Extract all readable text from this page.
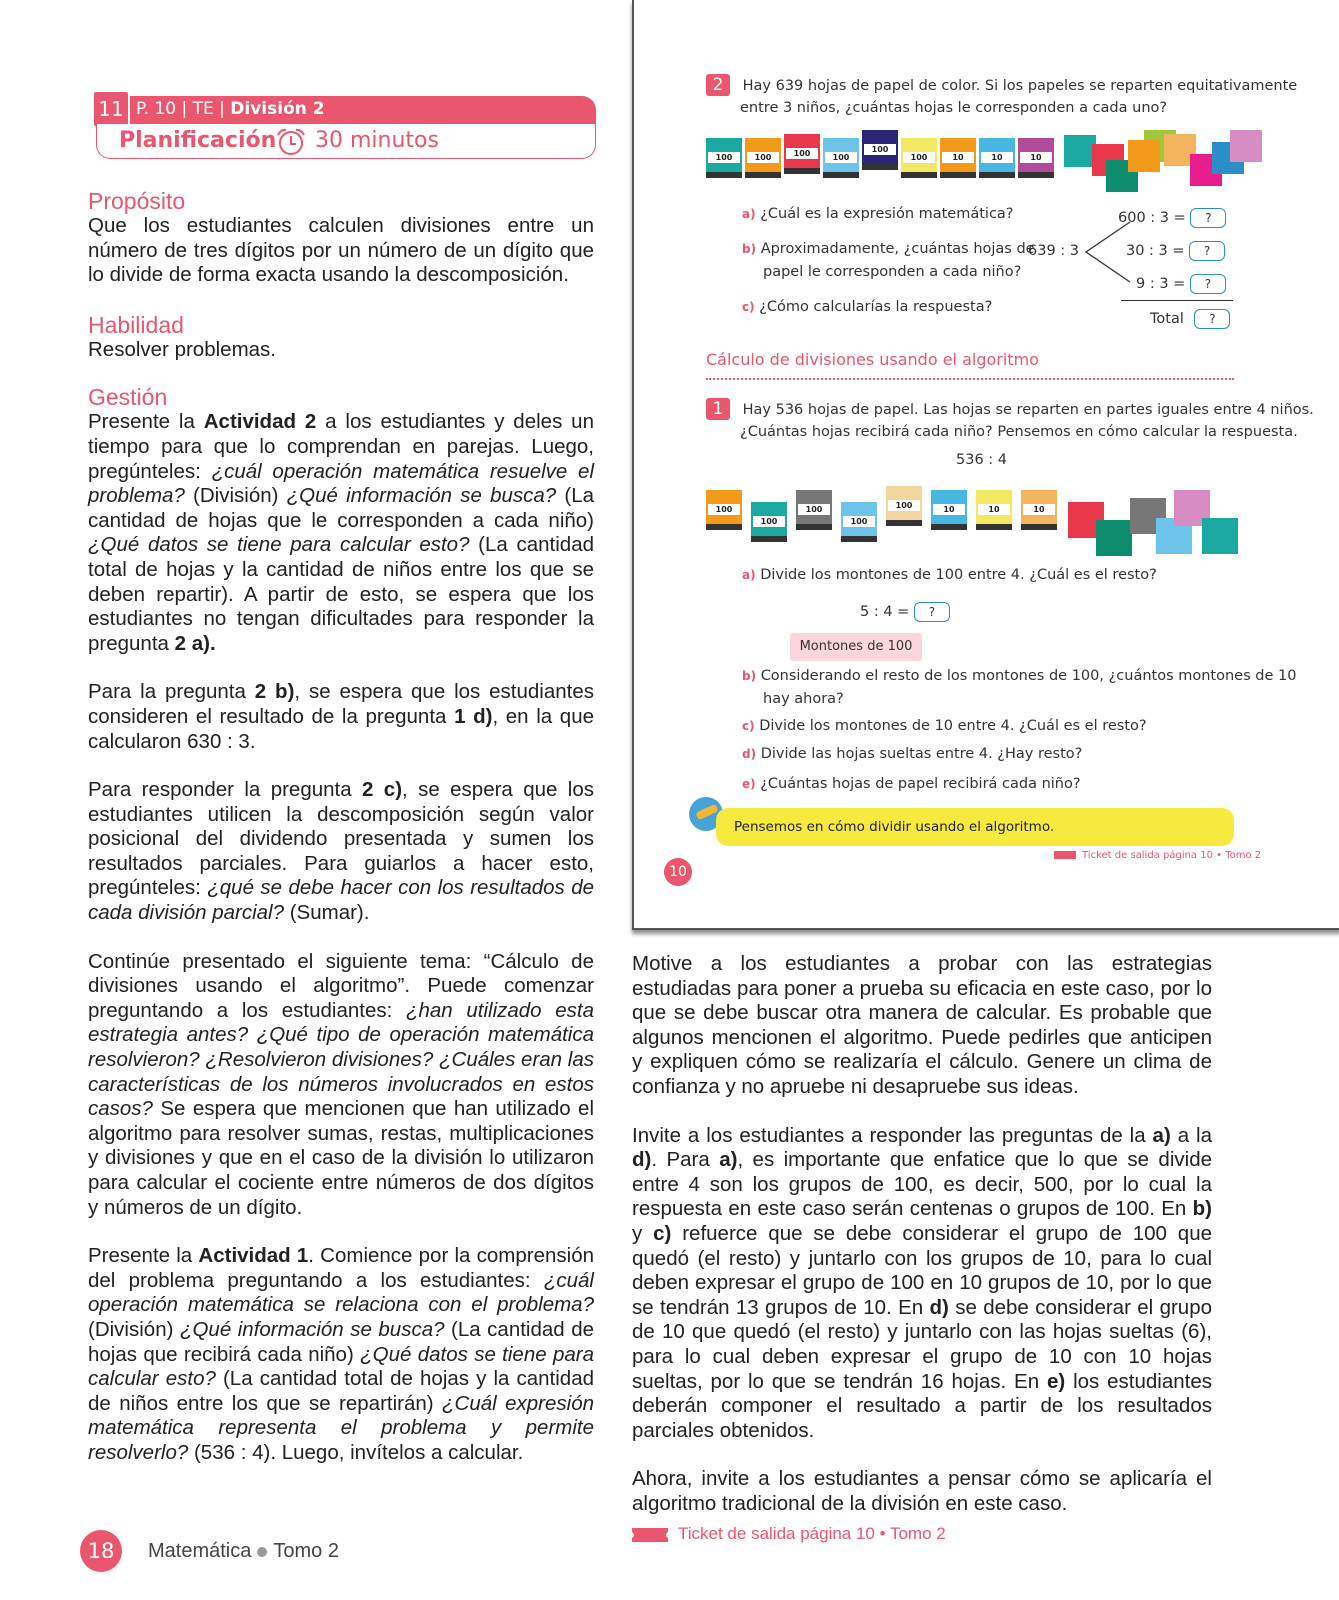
11 P. 10 | TE | División 2
Planificación 30 minutos
Propósito
Que los estudiantes calculen divisiones entre un número de tres dígitos por un número de un dígito que lo divide de forma exacta usando la descomposición.
Habilidad
Resolver problemas.
Gestión

Presente la Actividad 2 a los estudiantes y deles un tiempo para que lo comprendan en parejas. Luego, pregúnteles: ¿cuál operación matemática resuelve el problema? (División) ¿Qué información se busca? (La cantidad de hojas que le corresponden a cada niño) ¿Qué datos se tiene para calcular esto? (La cantidad total de hojas y la cantidad de niños entre los que se deben repartir). A partir de esto, se espera que los estudiantes no tengan dificultades para responder la pregunta 2 a).

Para la pregunta 2 b), se espera que los estudiantes consideren el resultado de la pregunta 1 d), en la que calcularon 630 : 3.

Para responder la pregunta 2 c), se espera que los estudiantes utilicen la descomposición según valor posicional del dividendo presentada y sumen los resultados parciales. Para guiarlos a hacer esto, pregúnteles: ¿qué se debe hacer con los resultados de cada división parcial? (Sumar).

Continúe presentado el siguiente tema: “Cálculo de divisiones usando el algoritmo”. Puede comenzar preguntando a los estudiantes: ¿han utilizado esta estrategia antes? ¿Qué tipo de operación matemática resolvieron? ¿Resolvieron divisiones? ¿Cuáles eran las características de los números involucrados en estos casos? Se espera que mencionen que han utilizado el algoritmo para resolver sumas, restas, multiplicaciones y divisiones y que en el caso de la división lo utilizaron para calcular el cociente entre números de dos dígitos y números de un dígito.

Presente la Actividad 1. Comience por la comprensión del problema preguntando a los estudiantes: ¿cuál operación matemática se relaciona con el problema? (División) ¿Qué información se busca? (La cantidad de hojas que recibirá cada niño) ¿Qué datos se tiene para calcular esto? (La cantidad total de hojas y la cantidad de niños entre los que se repartirán) ¿Cuál expresión matemática representa el problema y permite resolverlo? (536 : 4). Luego, invítelos a calcular.

2 Hay 639 hojas de papel de color. Si los papeles se reparten equitativamente
entre 3 niños, ¿cuántas hojas le corresponden a cada uno?
100	100	100	100
100
100	10	10	10
a) ¿Cuál es la expresión matemática?
b) Aproximadamente, ¿cuántas hojas de
papel le corresponden a cada niño?
c) ¿Cómo calcularías la respuesta?
639 : 3
600 : 3 = ?
30 : 3 = ?
9 : 3 = ?
Total ?
Cálculo de divisiones usando el algoritmo
1 Hay 536 hojas de papel. Las hojas se reparten en partes iguales entre 4 niños.
¿Cuántas hojas recibirá cada niño? Pensemos en cómo calcular la respuesta.
536 : 4
100
100
100
100
100	10	10	10
a) Divide los montones de 100 entre 4. ¿Cuál es el resto?
5 : 4 = ?
Montones de 100
b) Considerando el resto de los montones de 100, ¿cuántos montones de 10
hay ahora?
c) Divide los montones de 10 entre 4. ¿Cuál es el resto?
d) Divide las hojas sueltas entre 4. ¿Hay resto?
e) ¿Cuántas hojas de papel recibirá cada niño?
Pensemos en cómo dividir usando el algoritmo.
Ticket de salida página 10 • Tomo 2
10

Motive a los estudiantes a probar con las estrategias estudiadas para poner a prueba su eficacia en este caso, por lo que se debe buscar otra manera de calcular. Es probable que algunos mencionen el algoritmo. Puede pedirles que anticipen y expliquen cómo se realizaría el cálculo. Genere un clima de confianza y no apruebe ni desapruebe sus ideas.

Invite a los estudiantes a responder las preguntas de la a) a la d). Para a), es importante que enfatice que lo que se divide entre 4 son los grupos de 100, es decir, 500, por lo cual la respuesta en este caso serán centenas o grupos de 100. En b) y c) refuerce que se debe considerar el grupo de 100 que quedó (el resto) y juntarlo con los grupos de 10, para lo cual deben expresar el grupo de 100 en 10 grupos de 10, por lo que se tendrán 13 grupos de 10. En d) se debe considerar el grupo de 10 que quedó (el resto) y juntarlo con las hojas sueltas (6), para lo cual deben expresar el grupo de 10 con 10 hojas sueltas, por lo que se tendrán 16 hojas. En e) los estudiantes deberán componer el resultado a partir de los resultados parciales obtenidos.

Ahora, invite a los estudiantes a pensar cómo se aplicaría el algoritmo tradicional de la división en este caso.

Ticket de salida página 10 • Tomo 2
18	Matemática Tomo 2
